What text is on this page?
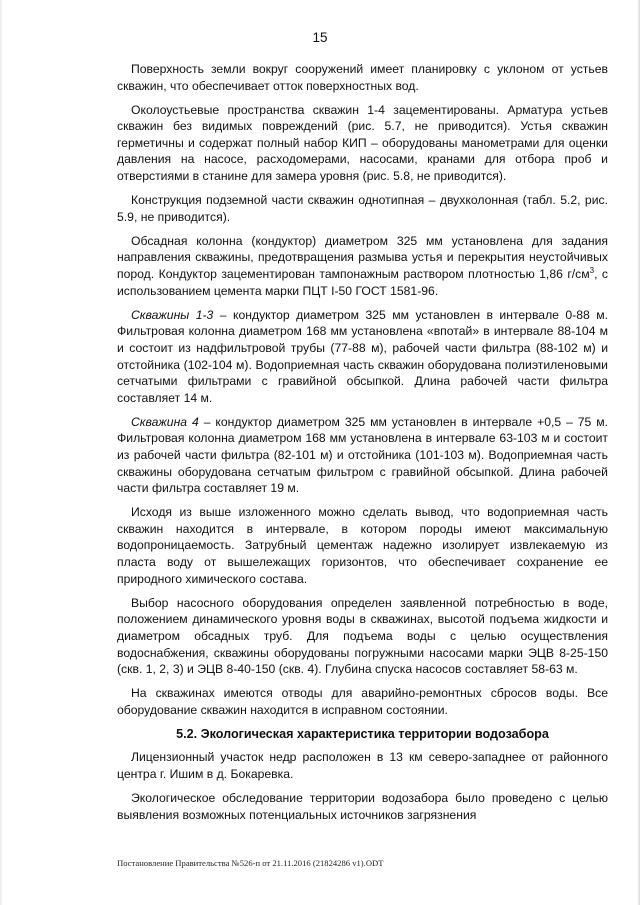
15

Поверхность земли вокруг сооружений имеет планировку с уклоном от устьев скважин, что обеспечивает отток поверхностных вод.

Околоустьевые пространства скважин 1-4 зацементированы. Арматура устьев скважин без видимых повреждений (рис. 5.7, не приводится). Устья скважин герметичны и содержат полный набор КИП – оборудованы манометрами для оценки давления на насосе, расходомерами, насосами, кранами для отбора проб и отверстиями в станине для замера уровня (рис. 5.8, не приводится).

Конструкция подземной части скважин однотипная – двухколонная (табл. 5.2, рис. 5.9, не приводится).

Обсадная колонна (кондуктор) диаметром 325 мм установлена для задания направления скважины, предотвращения размыва устья и перекрытия неустойчивых пород. Кондуктор зацементирован тампонажным раствором плотностью 1,86 $г/см^3$, с использованием цемента марки ПЦТ I-50 ГОСТ 1581-96.

Скважины 1-3 – кондуктор диаметром 325 мм установлен в интервале 0-88 м. Фильтровая колонна диаметром 168 мм установлена «впотай» в интервале 88-104 м и состоит из надфильтровой трубы (77-88 м), рабочей части фильтра (88-102 м) и отстойника (102-104 м). Водоприемная часть скважин оборудована полиэтиленовыми сетчатыми фильтрами с гравийной обсыпкой. Длина рабочей части фильтра составляет 14 м.

Скважина 4 – кондуктор диаметром 325 мм установлен в интервале +0,5 – 75 м. Фильтровая колонна диаметром 168 мм установлена в интервале 63-103 м и состоит из рабочей части фильтра (82-101 м) и отстойника (101-103 м). Водоприемная часть скважины оборудована сетчатым фильтром с гравийной обсыпкой. Длина рабочей части фильтра составляет 19 м.

Исходя из выше изложенного можно сделать вывод, что водоприемная часть скважин находится в интервале, в котором породы имеют максимальную водопроницаемость. Затрубный цементаж надежно изолирует извлекаемую из пласта воду от вышележащих горизонтов, что обеспечивает сохранение ее природного химического состава.

Выбор насосного оборудования определен заявленной потребностью в воде, положением динамического уровня воды в скважинах, высотой подъема жидкости и диаметром обсадных труб. Для подъема воды с целью осуществления водоснабжения, скважины оборудованы погружными насосами марки ЭЦВ 8-25-150 (скв. 1, 2, 3) и ЭЦВ 8-40-150 (скв. 4). Глубина спуска насосов составляет 58-63 м.

На скважинах имеются отводы для аварийно-ремонтных сбросов воды. Все оборудование скважин находится в исправном состоянии.

5.2. Экологическая характеристика территории водозабора

Лицензионный участок недр расположен в 13 км северо-западнее от районного центра г. Ишим в д. Бокаревка.

Экологическое обследование территории водозабора было проведено с целью выявления возможных потенциальных источников загрязнения

Постановление Правительства №526-п от 21.11.2016 (21824286 v1).ODT
